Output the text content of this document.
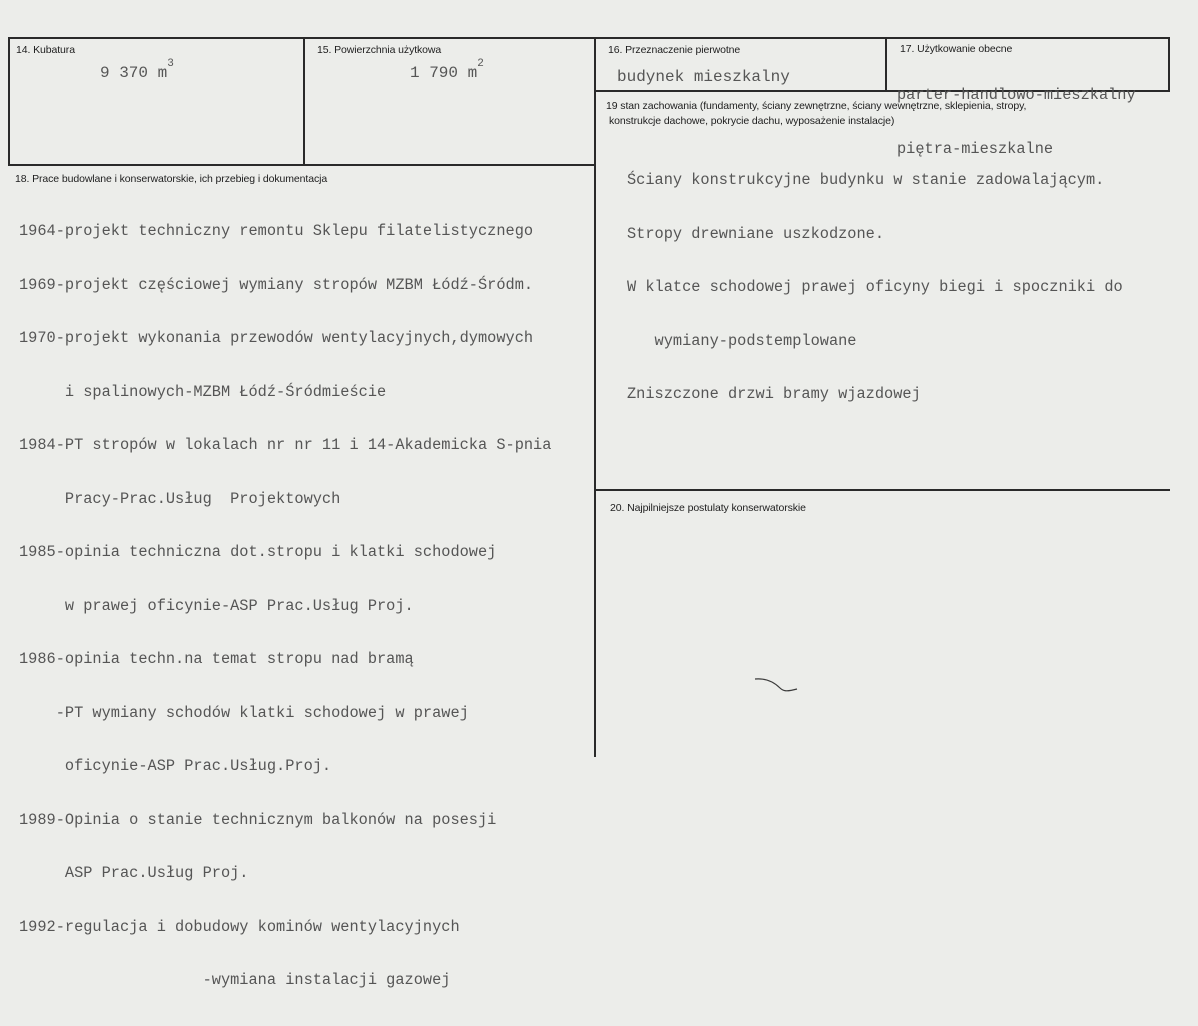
14. Kubatura
9 370 $m^3$
15. Powierzchnia użytkowa
1 790 $m^2$
16. Przeznaczenie pierwotne
budynek mieszkalny
17. Użytkowanie obecne

parter-handlowo-mieszkalny

piętra-mieszkalne

19 stan zachowania (fundamenty, ściany zewnętrzne, ściany wewnętrzne, sklepienia, stropy,
konstrukcje dachowe, pokrycie dachu, wyposażenie instalacje)

Ściany konstrukcyjne budynku w stanie zadowalającym.

Stropy drewniane uszkodzone.

W klatce schodowej prawej oficyny biegi i spoczniki do

wymiany-podstemplowane

Zniszczone drzwi bramy wjazdowej

18. Prace budowlane i konserwatorskie, ich przebieg i dokumentacja

1964-projekt techniczny remontu Sklepu filatelistycznego

1969-projekt częściowej wymiany stropów MZBM Łódź-Śródm.

1970-projekt wykonania przewodów wentylacyjnych,dymowych

i spalinowych-MZBM Łódź-Śródmieście

1984-PT stropów w lokalach nr nr 11 i 14-Akademicka S-pnia

Pracy-Prac.Usług  Projektowych

1985-opinia techniczna dot.stropu i klatki schodowej

w prawej oficynie-ASP Prac.Usług Proj.

1986-opinia techn.na temat stropu nad bramą

-PT wymiany schodów klatki schodowej w prawej

oficynie-ASP Prac.Usług.Proj.

1989-Opinia o stanie technicznym balkonów na posesji

ASP Prac.Usług Proj.

1992-regulacja i dobudowy kominów wentylacyjnych

-wymiana instalacji gazowej

20. Najpilniejsze postulaty konserwatorskie
